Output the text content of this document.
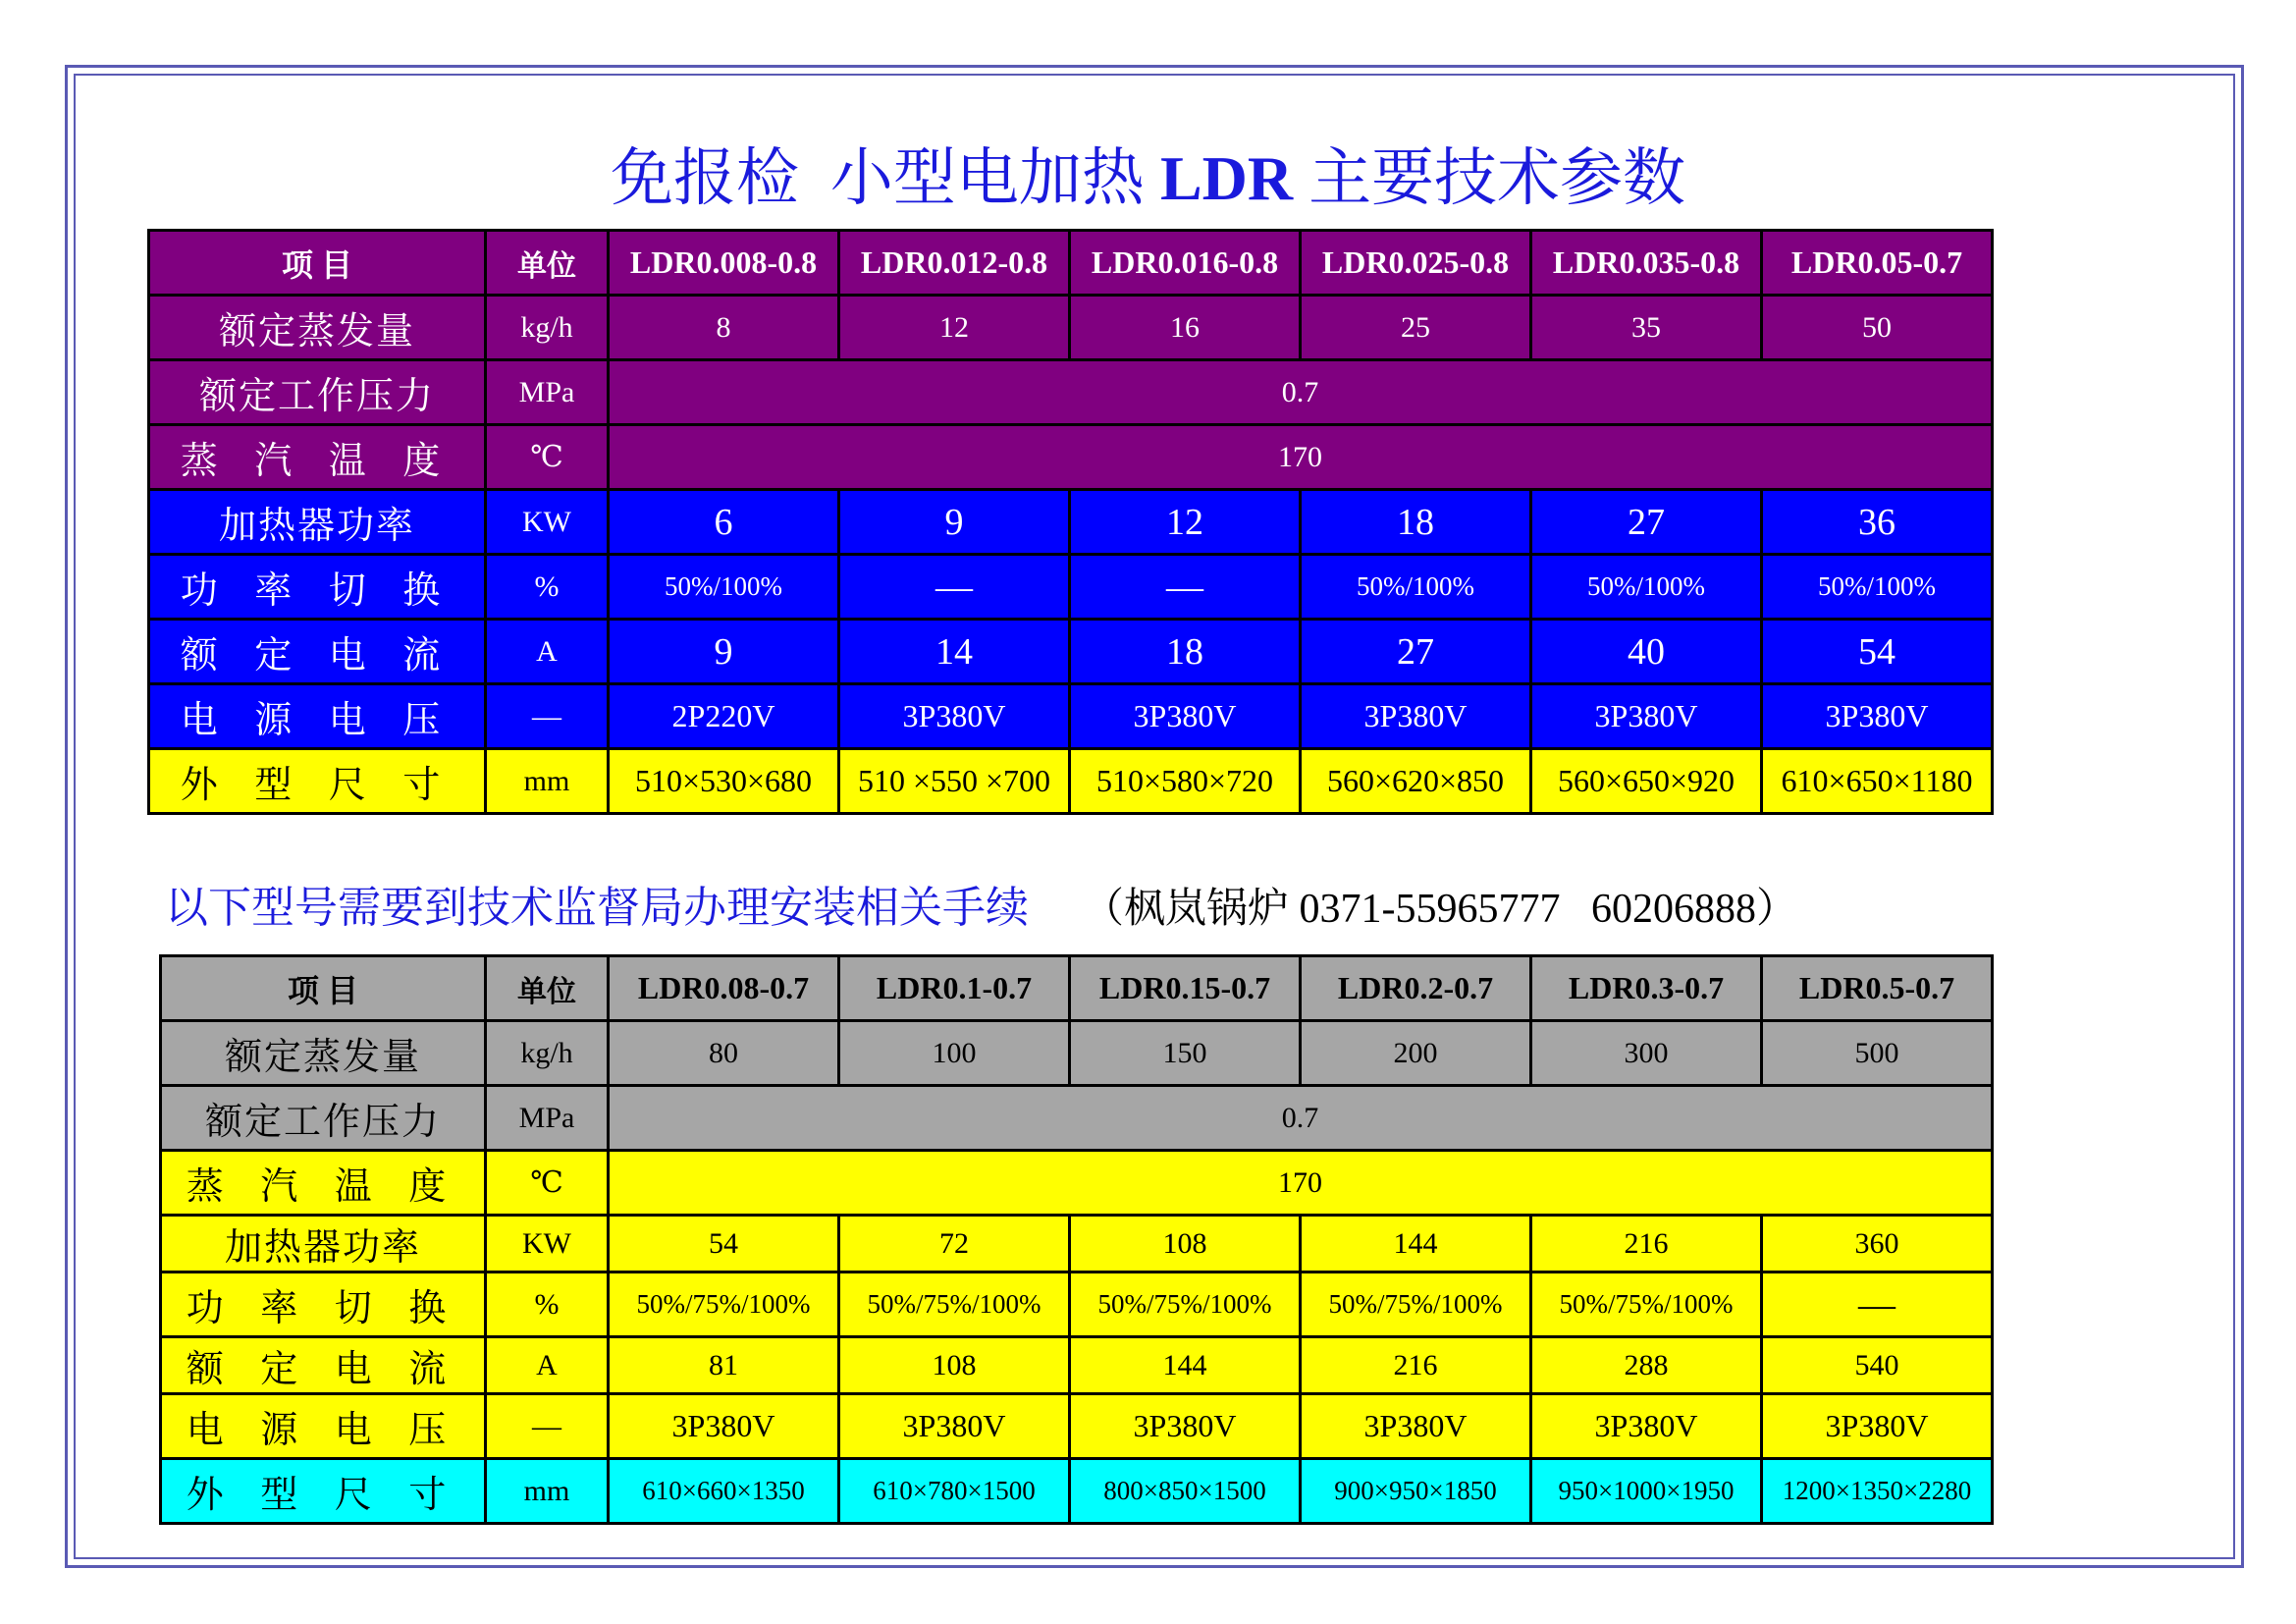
免报检  小型电加热 LDR 主要技术参数
项 目	单位	LDR0.008-0.8	LDR0.012-0.8	LDR0.016-0.8	LDR0.025-0.8	LDR0.035-0.8	LDR0.05-0.7
额定蒸发量	kg/h	8	12	16	25	35	50
额定工作压力	MPa	0.7					
蒸 汽 温 度	℃	170					
加热器功率	KW	6	9	12	18	27	36
功 率 切 换	%	50%/100%	—	—	50%/100%	50%/100%	50%/100%
额 定 电 流	A	9	14	18	27	40	54
电 源 电 压	—	2P220V	3P380V	3P380V	3P380V	3P380V	3P380V
外 型 尺 寸	mm	510×530×680	510 ×550 ×700	510×580×720	560×620×850	560×650×920	610×650×1180
以下型号需要到技术监督局办理安装相关手续 （枫岚锅炉 0371-55965777   60206888）
项 目	单位	LDR0.08-0.7	LDR0.1-0.7	LDR0.15-0.7	LDR0.2-0.7	LDR0.3-0.7	LDR0.5-0.7
额定蒸发量	kg/h	80	100	150	200	300	500
额定工作压力	MPa	0.7					
蒸 汽 温 度	℃	170					
加热器功率	KW	54	72	108	144	216	360
功 率 切 换	%	50%/75%/100%	50%/75%/100%	50%/75%/100%	50%/75%/100%	50%/75%/100%	—
额 定 电 流	A	81	108	144	216	288	540
电 源 电 压	—	3P380V	3P380V	3P380V	3P380V	3P380V	3P380V
外 型 尺 寸	mm	610×660×1350	610×780×1500	800×850×1500	900×950×1850	950×1000×1950	1200×1350×2280
